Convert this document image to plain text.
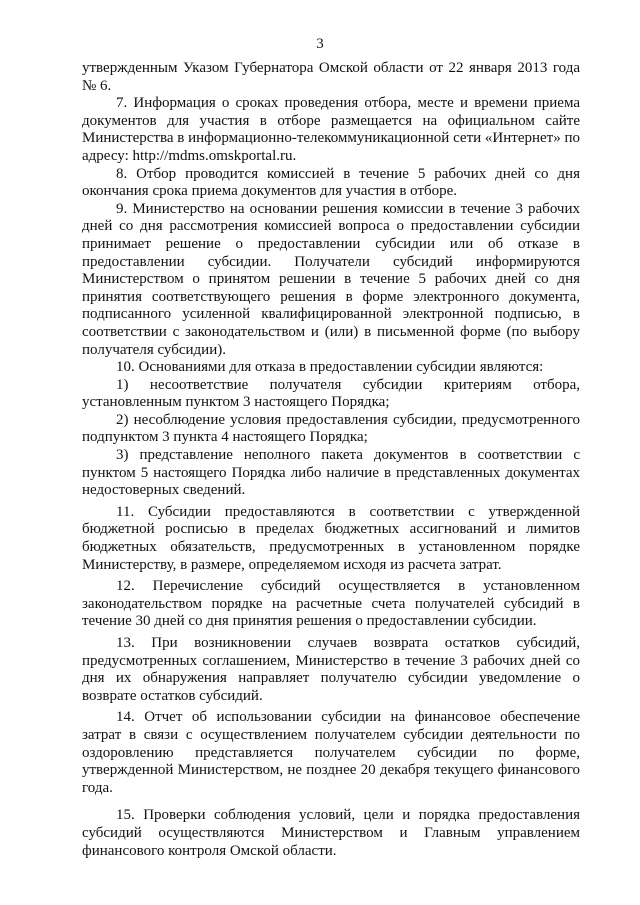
3

утвержденным Указом Губернатора Омской области от 22 января 2013 года № 6.

7. Информация о сроках проведения отбора, месте и времени приема документов для участия в отборе размещается на официальном сайте Министерства в информационно-телекоммуникационной сети «Интернет» по адресу: http://mdms.omskportal.ru.

8. Отбор проводится комиссией в течение 5 рабочих дней со дня окончания срока приема документов для участия в отборе.

9. Министерство на основании решения комиссии в течение 3 рабочих дней со дня рассмотрения комиссией вопроса о предоставлении субсидии принимает решение о предоставлении субсидии или об отказе в предоставлении субсидии. Получатели субсидий информируются Министерством о принятом решении в течение 5 рабочих дней со дня принятия соответствующего решения в форме электронного документа, подписанного усиленной квалифицированной электронной подписью, в соответствии с законодательством и (или) в письменной форме (по выбору получателя субсидии).

10. Основаниями для отказа в предоставлении субсидии являются:

1) несоответствие получателя субсидии критериям отбора, установленным пунктом 3 настоящего Порядка;

2) несоблюдение условия предоставления субсидии, предусмотренного подпунктом 3 пункта 4 настоящего Порядка;

3) представление неполного пакета документов в соответствии с пунктом 5 настоящего Порядка либо наличие в представленных документах недостоверных сведений.

11. Субсидии предоставляются в соответствии с утвержденной бюджетной росписью в пределах бюджетных ассигнований и лимитов бюджетных обязательств, предусмотренных в установленном порядке Министерству, в размере, определяемом исходя из расчета затрат.

12. Перечисление субсидий осуществляется в установленном законодательством порядке на расчетные счета получателей субсидий в течение 30 дней со дня принятия решения о предоставлении субсидии.

13. При возникновении случаев возврата остатков субсидий, предусмотренных соглашением, Министерство в течение 3 рабочих дней со дня их обнаружения направляет получателю субсидии уведомление о возврате остатков субсидий.

14. Отчет об использовании субсидии на финансовое обеспечение затрат в связи с осуществлением получателем субсидии деятельности по оздоровлению представляется получателем субсидии по форме, утвержденной Министерством, не позднее 20 декабря текущего финансового года.

15. Проверки соблюдения условий, цели и порядка предоставления субсидий осуществляются Министерством и Главным управлением финансового контроля Омской области.
